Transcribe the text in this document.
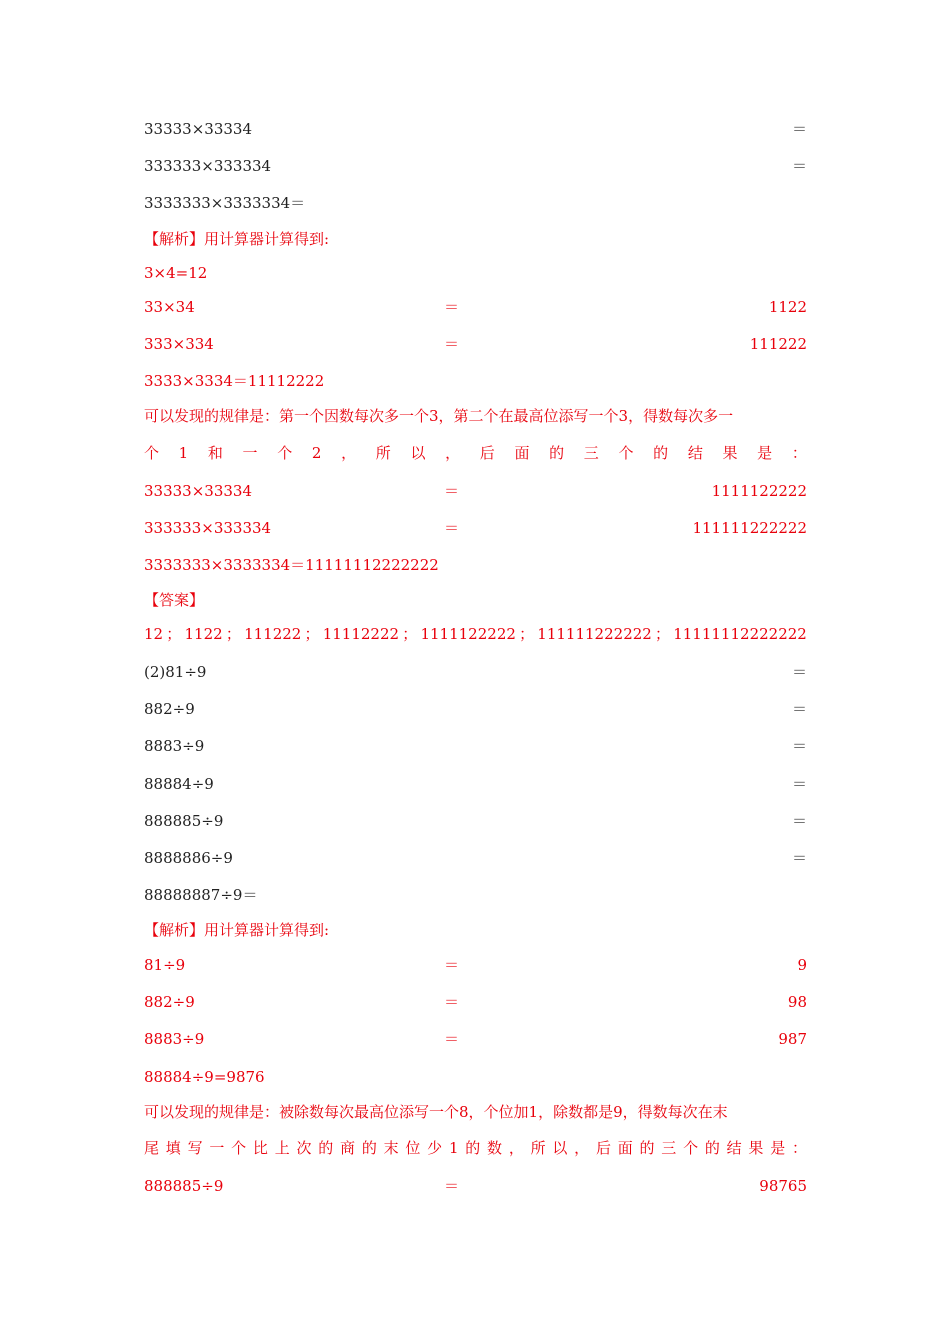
33333×33334	＝
333333×333334	＝
3333333×3333334＝
【解析】用计算器计算得到:
3×4=12
33×34	＝	1122
333×334	＝	111222
3333×3334＝11112222
可以发现的规律是：第一个因数每次多一个3，第二个在最高位添写一个3，得数每次多一
个 1 和 一 个 2 ， 所 以 ， 后 面 的 三 个 的 结 果 是 ：
33333×33334	＝	1111122222
333333×333334	＝	111111222222
3333333×3333334＝11111112222222
【答案】
12 ； 1122 ； 111222 ； 11112222 ； 1111122222 ； 111111222222 ； 11111112222222
(2)81÷9	＝
882÷9	＝
8883÷9	＝
88884÷9	＝
888885÷9	＝
8888886÷9	＝
88888887÷9＝
【解析】用计算器计算得到:
81÷9	＝	9
882÷9	＝	98
8883÷9	＝	987
88884÷9=9876
可以发现的规律是：被除数每次最高位添写一个8，个位加1，除数都是9，得数每次在末
尾 填 写 一 个 比 上 次 的 商 的 末 位 少 1 的 数 ， 所 以 ， 后 面 的 三 个 的 结 果 是 ：
888885÷9	＝	98765
